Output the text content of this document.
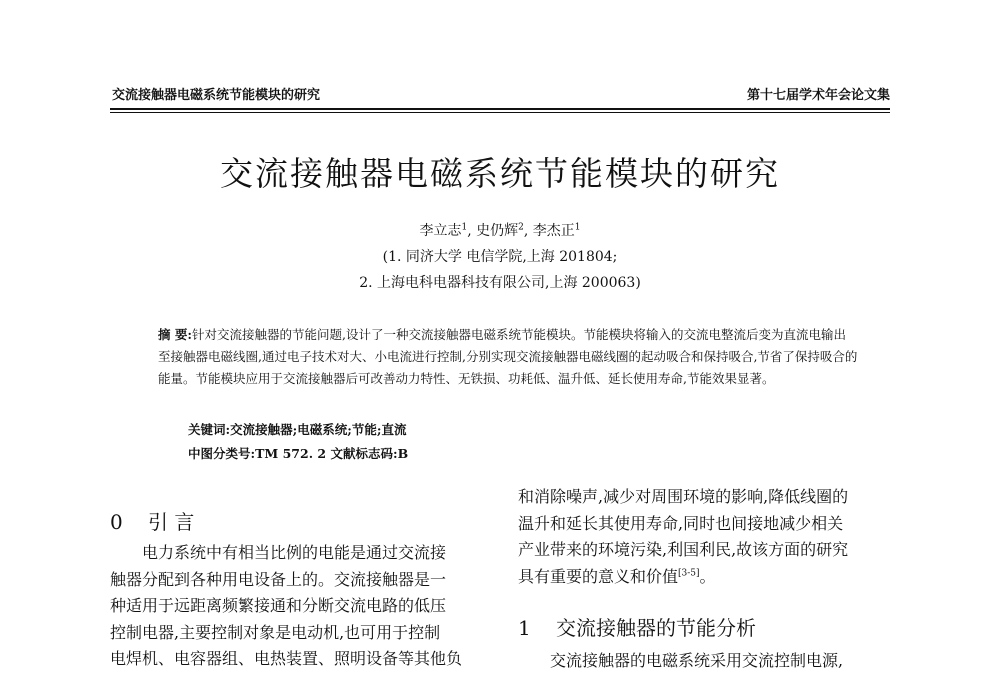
交流接触器电磁系统节能模块的研究	第十七届学术年会论文集
交流接触器电磁系统节能模块的研究
李立志$^1$, 史仍辉$^2$, 李杰正$^1$
(1. 同济大学 电信学院,上海 201804;
2. 上海电科电器科技有限公司,上海 200063)
摘 要:针对交流接触器的节能问题,设计了一种交流接触器电磁系统节能模块。节能模块将输入的交流电整流后变为直流电输出至接触器电磁线圈,通过电子技术对大、小电流进行控制,分别实现交流接触器电磁线圈的起动吸合和保持吸合,节省了保持吸合的能量。节能模块应用于交流接触器后可改善动力特性、无铁损、功耗低、温升低、延长使用寿命,节能效果显著。
关键词:交流接触器;电磁系统;节能;直流
中图分类号:TM 572. 2 文献标志码:B
0 引 言
　　电力系统中有相当比例的电能是通过交流接
触器分配到各种用电设备上的。交流接触器是一
种适用于远距离频繁接通和分断交流电路的低压
控制电器,主要控制对象是电动机,也可用于控制
电焊机、电容器组、电热装置、照明设备等其他负
和消除噪声,减少对周围环境的影响,降低线圈的
温升和延长其使用寿命,同时也间接地减少相关
产业带来的环境污染,利国利民,故该方面的研究
具有重要的意义和价值[3-5]。
1 交流接触器的节能分析
　　交流接触器的电磁系统采用交流控制电源,
